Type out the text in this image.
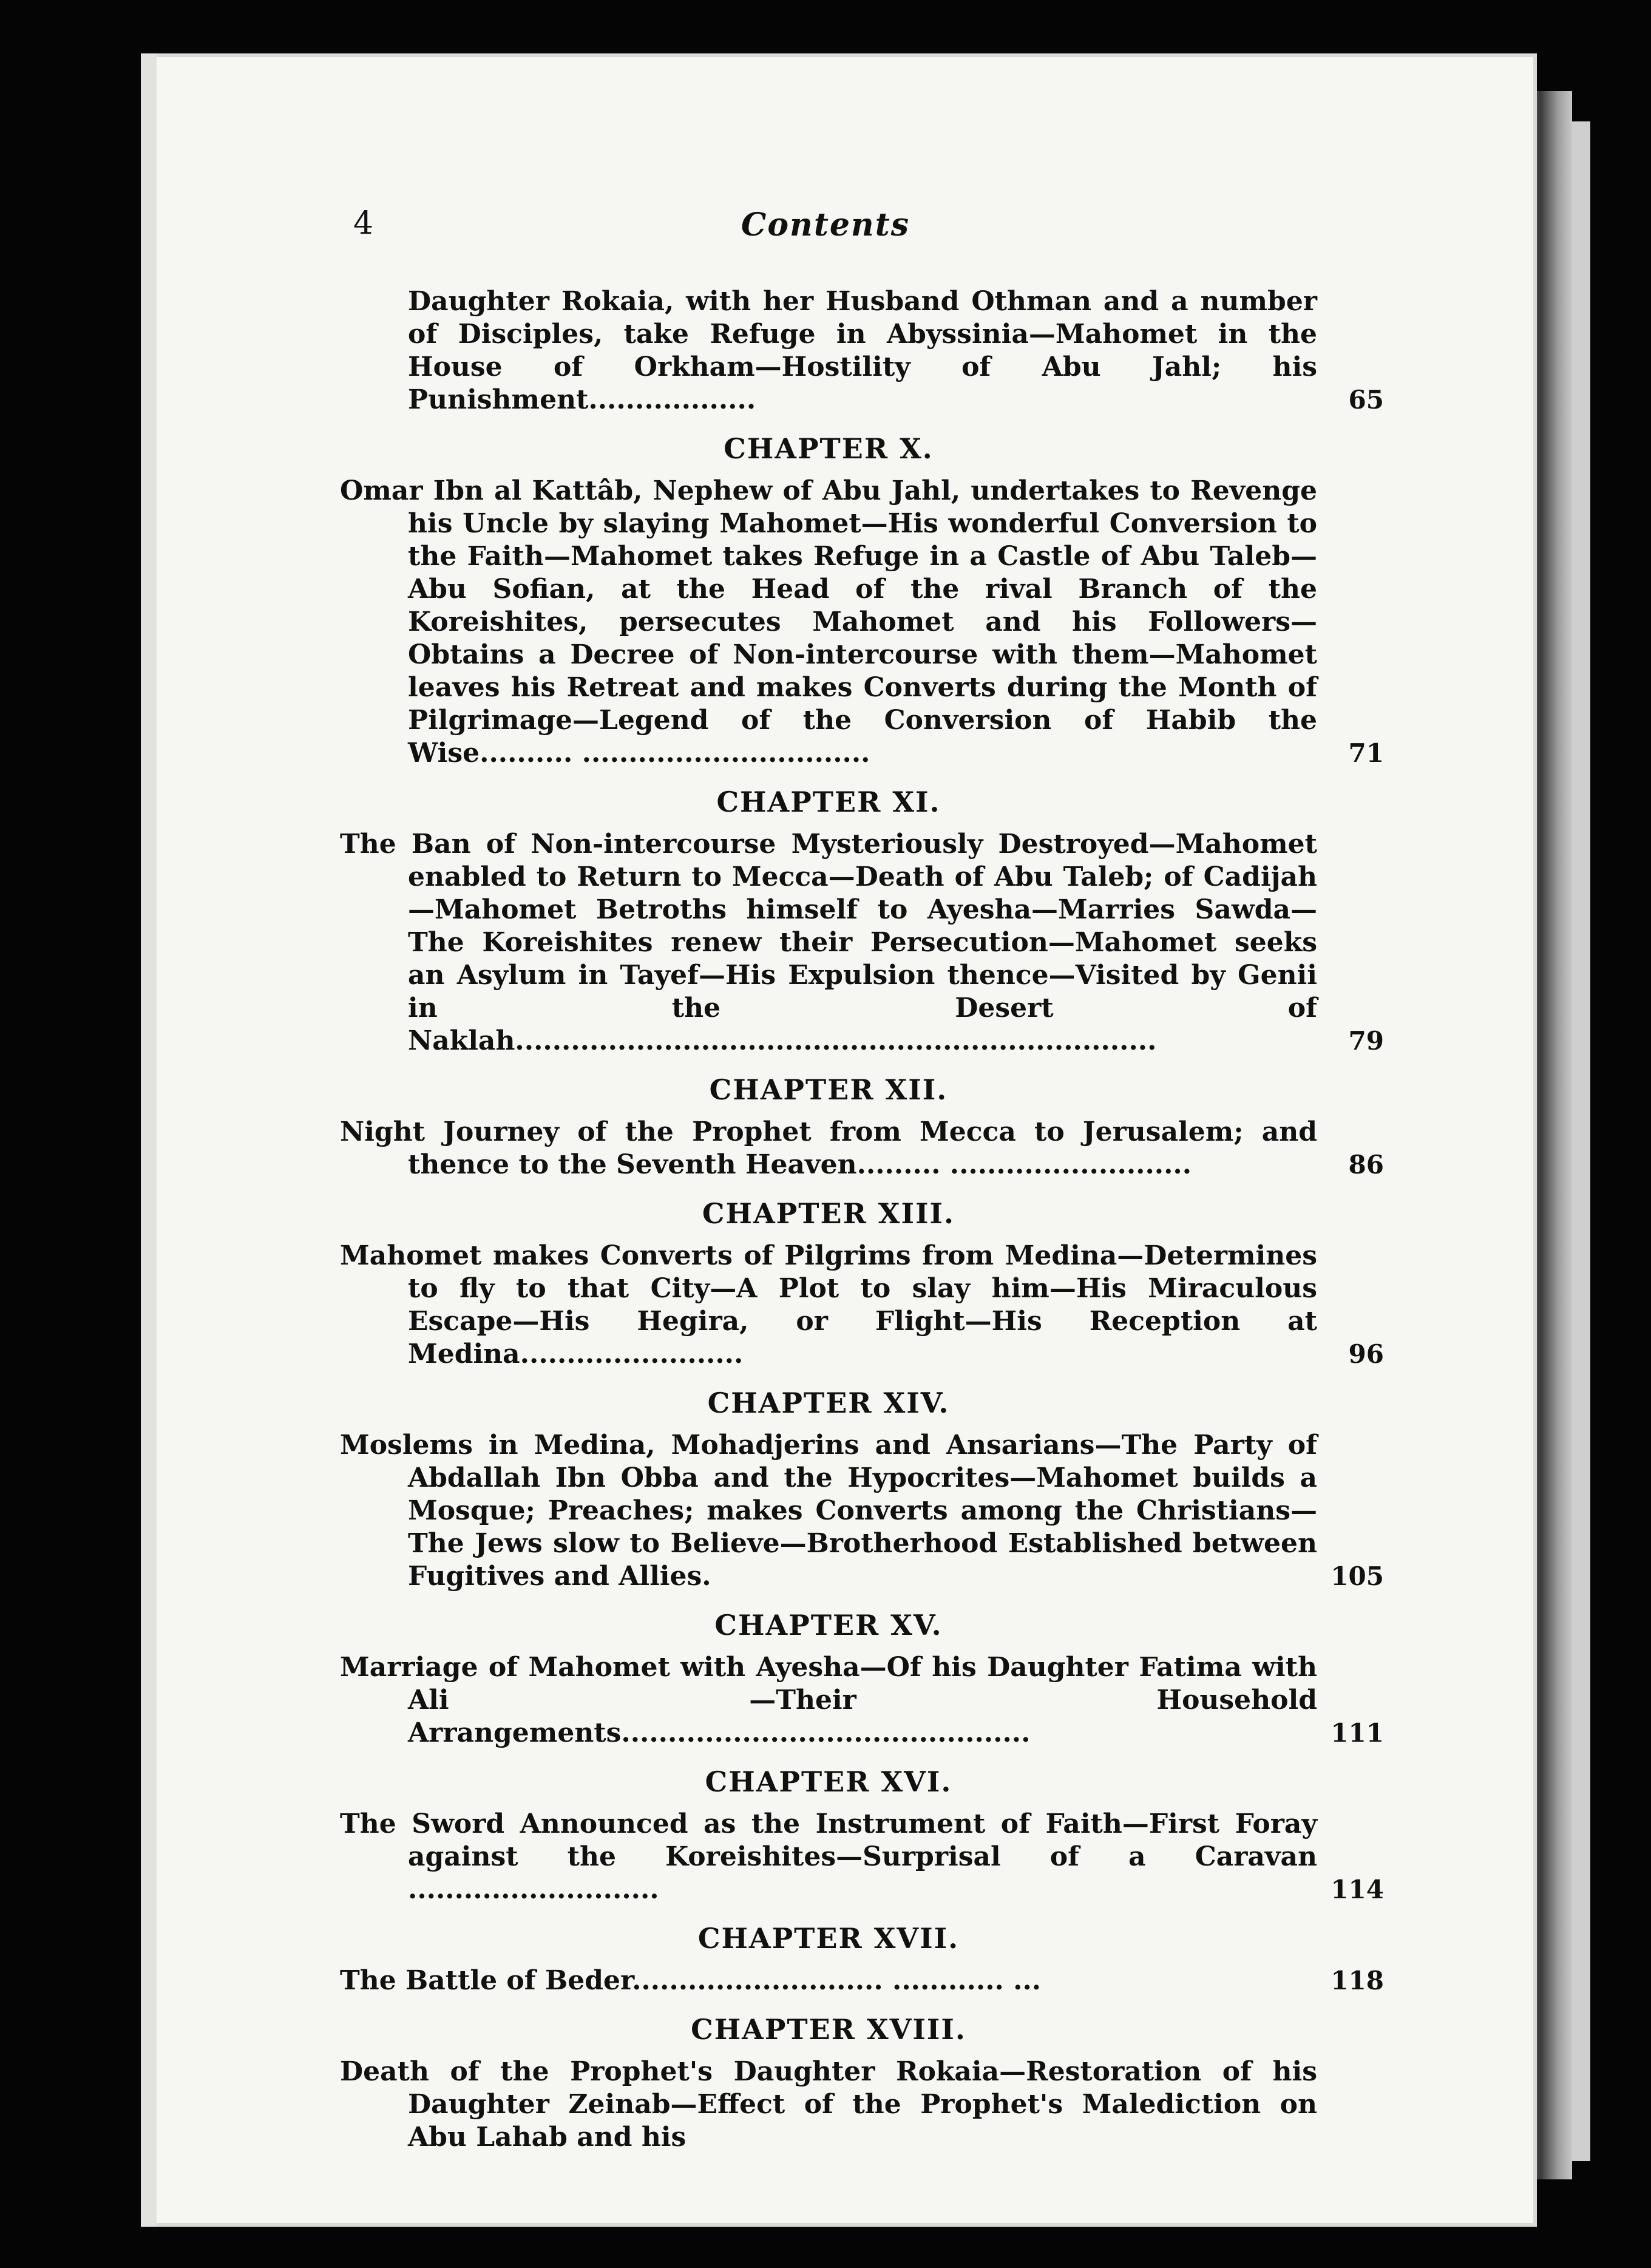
4	Contents
Daughter Rokaia, with her Husband Othman and a number of Disciples, take Refuge in Abyssinia—Mahomet in the House of Orkham—Hostility of Abu Jahl; his Punishment..................	65
CHAPTER X.
Omar Ibn al Kattâb, Nephew of Abu Jahl, undertakes to Revenge his Uncle by slaying Mahomet—His wonderful Conversion to the Faith—Mahomet takes Refuge in a Castle of Abu Taleb—Abu Sofian, at the Head of the rival Branch of the Koreishites, persecutes Mahomet and his Followers—Obtains a Decree of Non-intercourse with them—Mahomet leaves his Retreat and makes Converts during the Month of Pilgrimage—Legend of the Conversion of Habib the Wise.......... ...............................	71
CHAPTER XI.
The Ban of Non-intercourse Mysteriously Destroyed—Mahomet enabled to Return to Mecca—Death of Abu Taleb; of Cadijah—Mahomet Betroths himself to Ayesha—Marries Sawda—The Koreishites renew their Persecution—Mahomet seeks an Asylum in Tayef—His Expulsion thence—Visited by Genii in the Desert of Naklah.....................................................................	79
CHAPTER XII.
Night Journey of the Prophet from Mecca to Jerusalem; and thence to the Seventh Heaven......... ..........................	86
CHAPTER XIII.
Mahomet makes Converts of Pilgrims from Medina—Determines to fly to that City—A Plot to slay him—His Miraculous Escape—His Hegira, or Flight—His Reception at Medina........................	96
CHAPTER XIV.
Moslems in Medina, Mohadjerins and Ansarians—The Party of Abdallah Ibn Obba and the Hypocrites—Mahomet builds a Mosque; Preaches; makes Converts among the Christians—The Jews slow to Believe—Brotherhood Established between Fugitives and Allies.	105
CHAPTER XV.
Marriage of Mahomet with Ayesha—Of his Daughter Fatima with Ali —Their Household Arrangements............................................	111
CHAPTER XVI.
The Sword Announced as the Instrument of Faith—First Foray against the Koreishites—Surprisal of a Caravan ...........................	114
CHAPTER XVII.
The Battle of Beder........................... ............ ...	118
CHAPTER XVIII.
Death of the Prophet's Daughter Rokaia—Restoration of his Daughter Zeinab—Effect of the Prophet's Malediction on Abu Lahab and his
